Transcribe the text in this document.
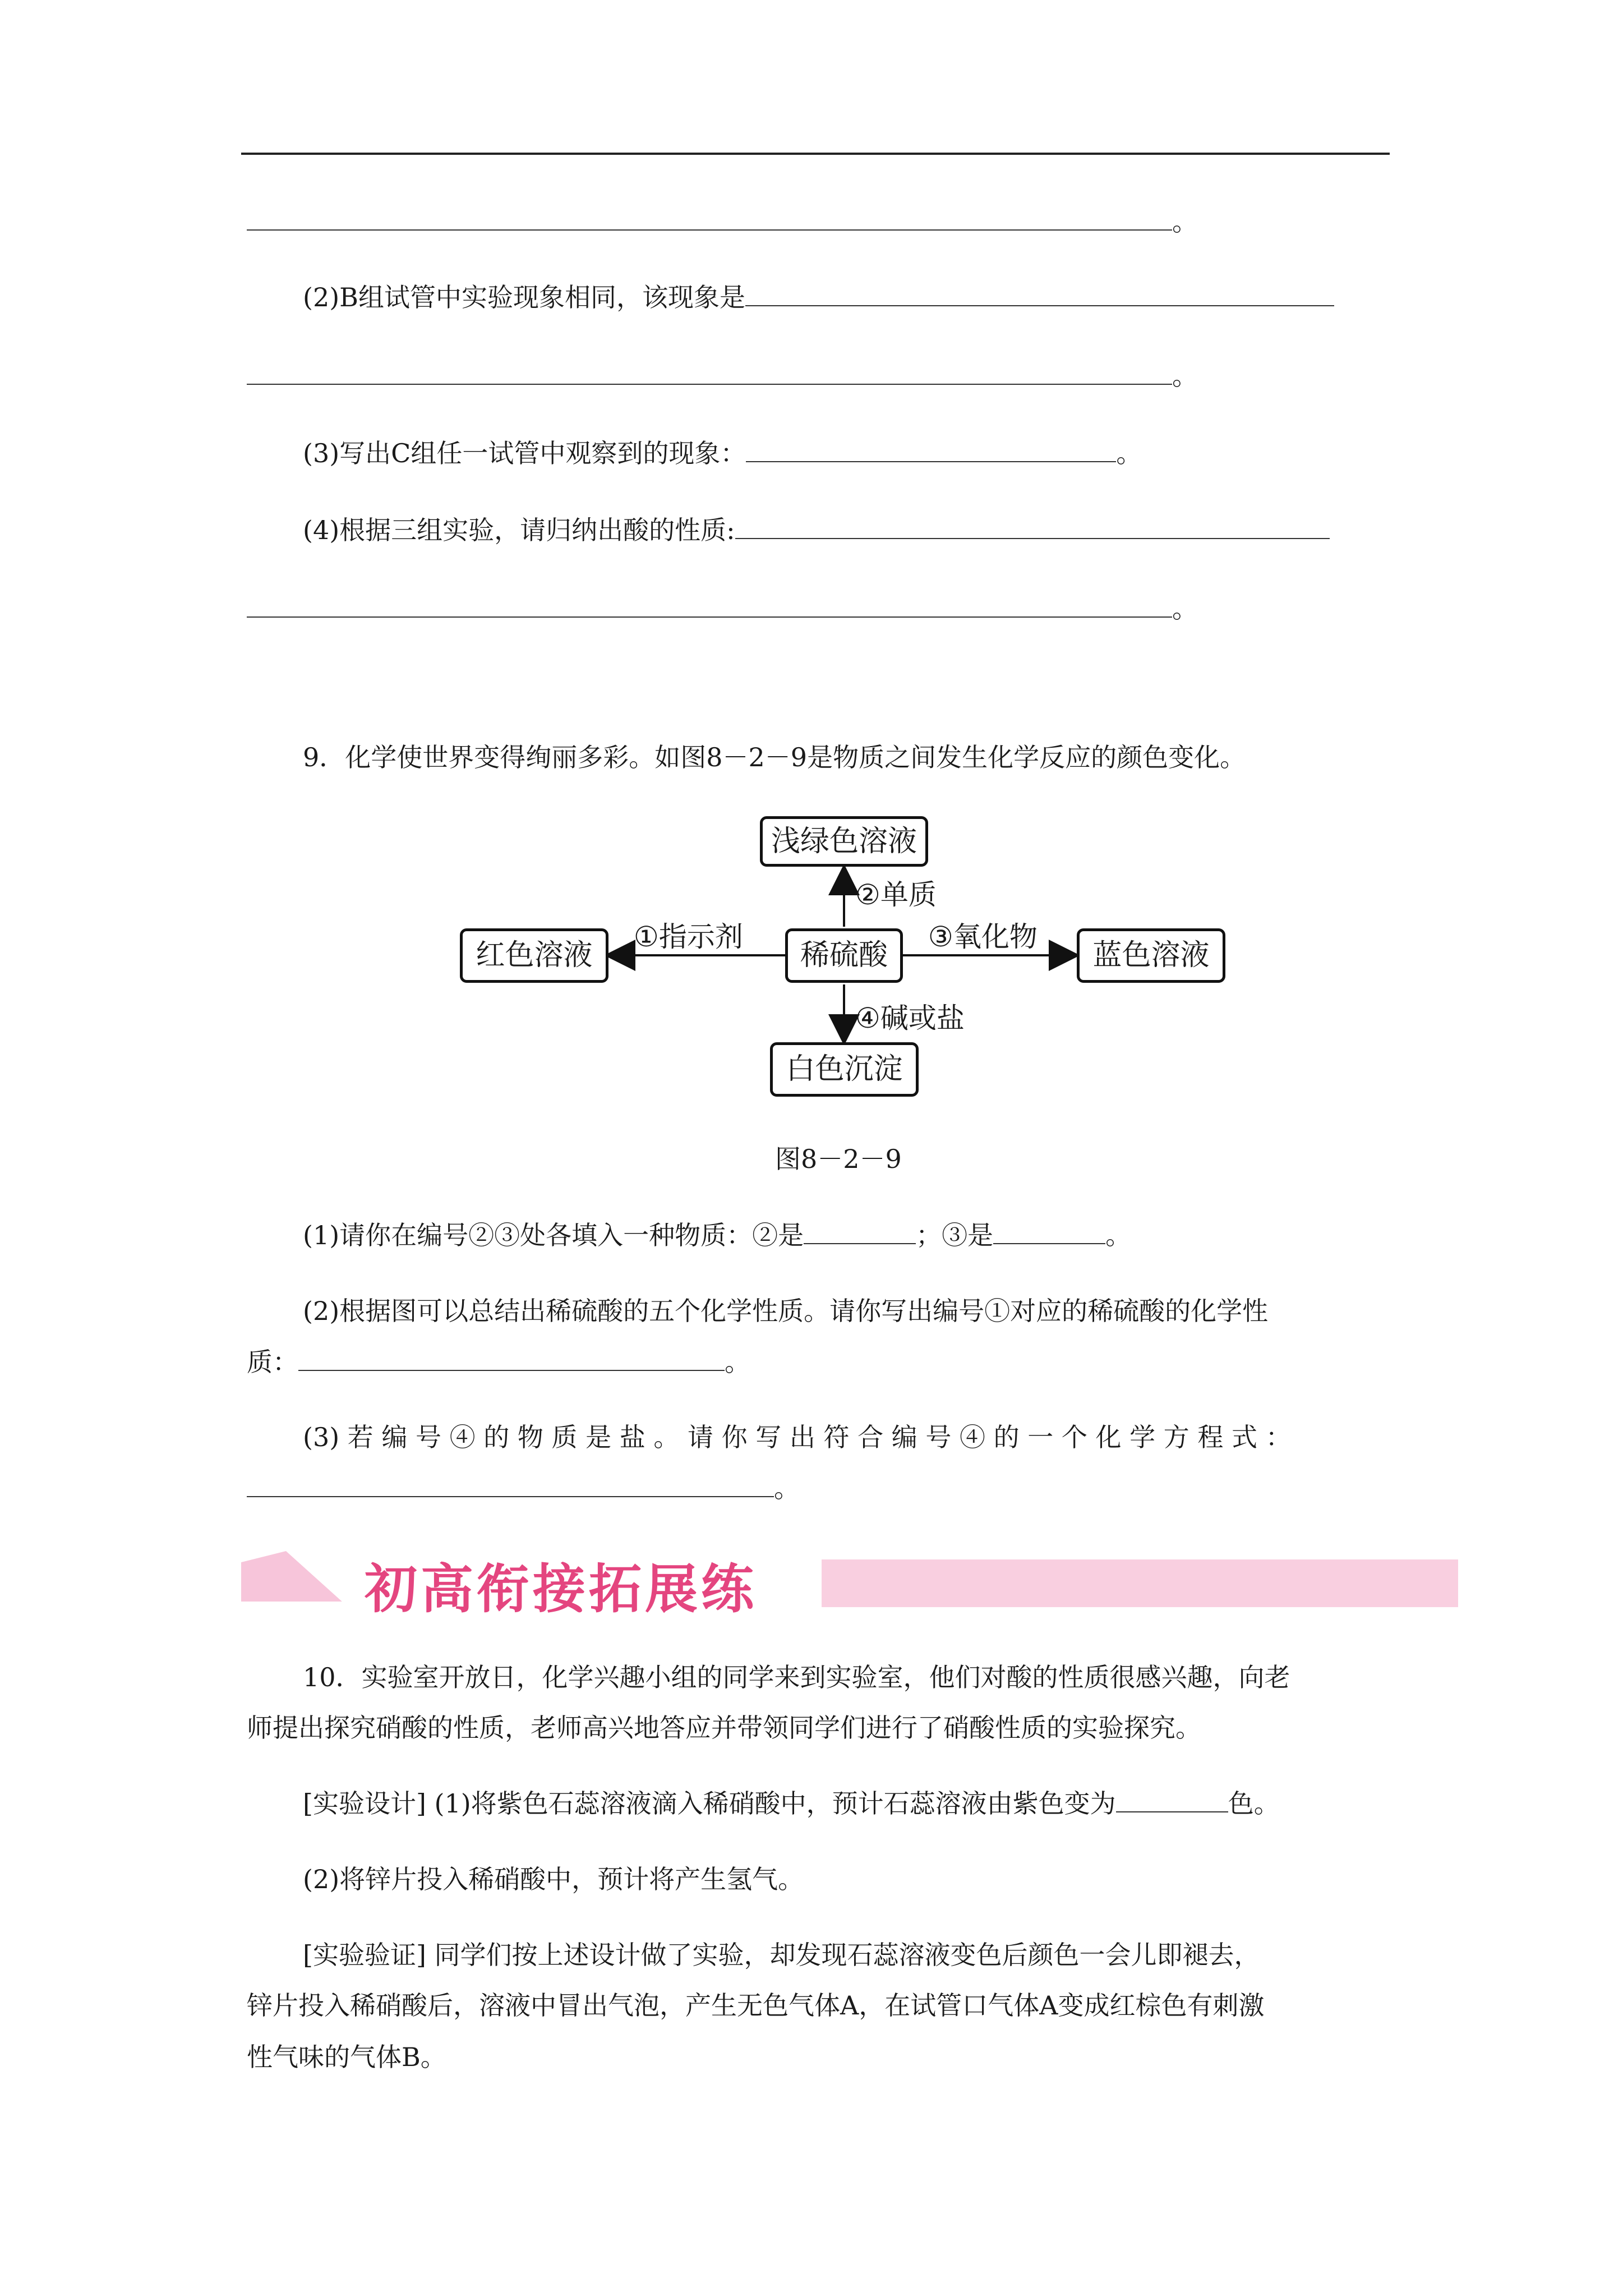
。
(2)B组试管中实验现象相同，该现象是
。
(3)写出C组任一试管中观察到的现象：	。
(4)根据三组实验，请归纳出酸的性质:
。
9．化学使世界变得绚丽多彩。如图8－2－9是物质之间发生化学反应的颜色变化。
浅绿色溶液
稀硫酸
红色溶液	蓝色溶液
白色沉淀
②单质
①指示剂	③氧化物
④碱或盐
图8－2－9
(1)请你在编号②③处各填入一种物质：②是	；③是	。
(2)根据图可以总结出稀硫酸的五个化学性质。请你写出编号①对应的稀硫酸的化学性
质：	。
(3) 若 编 号 ④ 的 物 质 是 盐 。 请 你 写 出 符 合 编 号 ④ 的 一 个 化 学 方 程 式 ：
。
初高衔接拓展练
10．实验室开放日，化学兴趣小组的同学来到实验室，他们对酸的性质很感兴趣，向老
师提出探究硝酸的性质，老师高兴地答应并带领同学们进行了硝酸性质的实验探究。
[实验设计] (1)将紫色石蕊溶液滴入稀硝酸中，预计石蕊溶液由紫色变为	色。
(2)将锌片投入稀硝酸中，预计将产生氢气。
[实验验证] 同学们按上述设计做了实验，却发现石蕊溶液变色后颜色一会儿即褪去，
锌片投入稀硝酸后，溶液中冒出气泡，产生无色气体A，在试管口气体A变成红棕色有刺激
性气味的气体B。
